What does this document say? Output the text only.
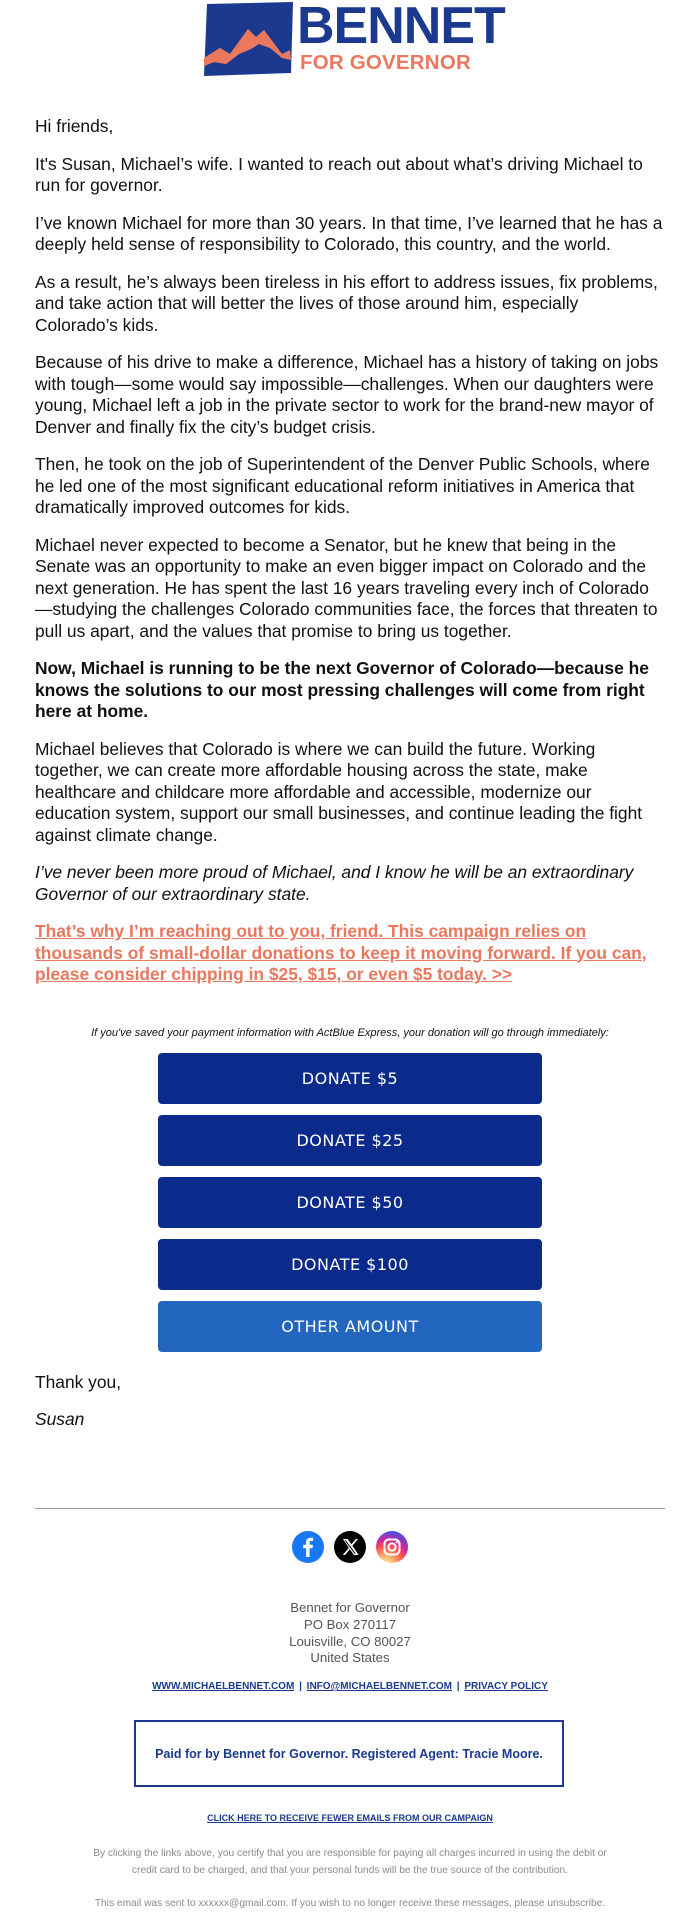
BENNET
FOR GOVERNOR

Hi friends,

It's Susan, Michael’s wife. I wanted to reach out about what’s driving Michael to run for governor.

I’ve known Michael for more than 30 years. In that time, I’ve learned that he has a deeply held sense of responsibility to Colorado, this country, and the world.

As a result, he’s always been tireless in his effort to address issues, fix problems, and take action that will better the lives of those around him, especially Colorado’s kids.

Because of his drive to make a difference, Michael has a history of taking on jobs with tough—some would say impossible—challenges. When our daughters were young, Michael left a job in the private sector to work for the brand-new mayor of Denver and finally fix the city’s budget crisis.

Then, he took on the job of Superintendent of the Denver Public Schools, where he led one of the most significant educational reform initiatives in America that dramatically improved outcomes for kids.

Michael never expected to become a Senator, but he knew that being in the Senate was an opportunity to make an even bigger impact on Colorado and the next generation. He has spent the last 16 years traveling every inch of Colorado—studying the challenges Colorado communities face, the forces that threaten to pull us apart, and the values that promise to bring us together.

Now, Michael is running to be the next Governor of Colorado—because he knows the solutions to our most pressing challenges will come from right here at home.

Michael believes that Colorado is where we can build the future. Working together, we can create more affordable housing across the state, make healthcare and childcare more affordable and accessible, modernize our education system, support our small businesses, and continue leading the fight against climate change.

I’ve never been more proud of Michael, and I know he will be an extraordinary Governor of our extraordinary state.

That’s why I’m reaching out to you, friend. This campaign relies on thousands of small-dollar donations to keep it moving forward. If you can, please consider chipping in $25, $15, or even $5 today. >>
If you've saved your payment information with ActBlue Express, your donation will go through immediately:
DONATE $5
DONATE $25
DONATE $50
DONATE $100
OTHER AMOUNT
Thank you,
Susan
Bennet for Governor
PO Box 270117
Louisville, CO 80027
United States
WWW.MICHAELBENNET.COM | INFO@MICHAELBENNET.COM | PRIVACY POLICY
Paid for by Bennet for Governor. Registered Agent: Tracie Moore.
CLICK HERE TO RECEIVE FEWER EMAILS FROM OUR CAMPAIGN
By clicking the links above, you certify that you are responsible for paying all charges incurred in using the debit or credit card to be charged, and that your personal funds will be the true source of the contribution.
This email was sent to xxxxxx@gmail.com. If you wish to no longer receive these messages, please unsubscribe.
